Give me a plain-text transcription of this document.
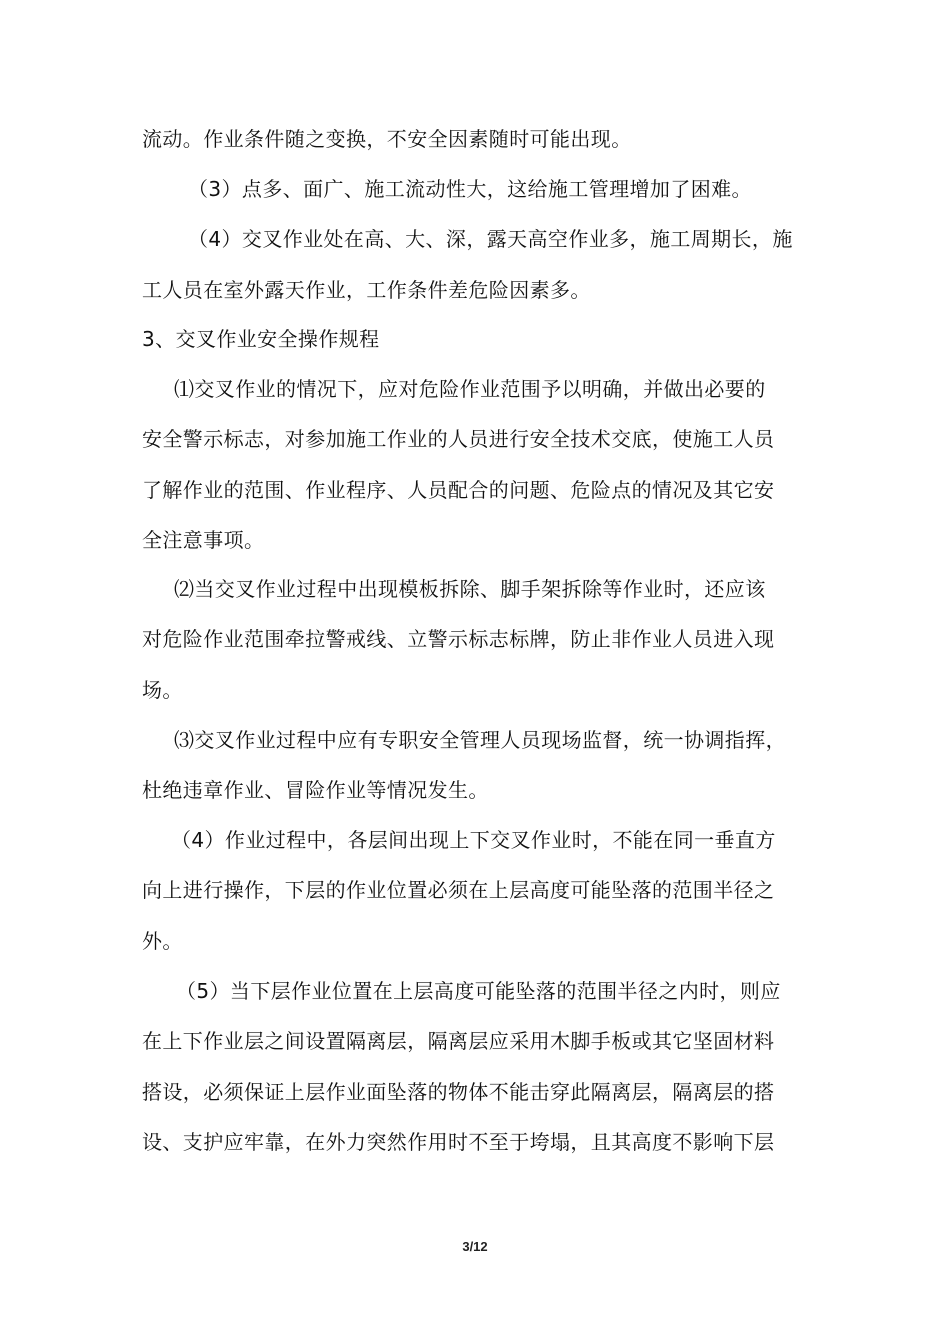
流动。作业条件随之变换，不安全因素随时可能出现。
（3）点多、面广、施工流动性大，这给施工管理增加了困难。
（4）交叉作业处在高、大、深，露天高空作业多，施工周期长，施
工人员在室外露天作业，工作条件差危险因素多。
3、交叉作业安全操作规程
⑴交叉作业的情况下，应对危险作业范围予以明确，并做出必要的
安全警示标志，对参加施工作业的人员进行安全技术交底，使施工人员
了解作业的范围、作业程序、人员配合的问题、危险点的情况及其它安
全注意事项。
⑵当交叉作业过程中出现模板拆除、脚手架拆除等作业时，还应该
对危险作业范围牵拉警戒线、立警示标志标牌，防止非作业人员进入现
场。
⑶交叉作业过程中应有专职安全管理人员现场监督，统一协调指挥，
杜绝违章作业、冒险作业等情况发生。
（4）作业过程中，各层间出现上下交叉作业时，不能在同一垂直方
向上进行操作，下层的作业位置必须在上层高度可能坠落的范围半径之
外。
（5）当下层作业位置在上层高度可能坠落的范围半径之内时，则应
在上下作业层之间设置隔离层，隔离层应采用木脚手板或其它坚固材料
搭设，必须保证上层作业面坠落的物体不能击穿此隔离层，隔离层的搭
设、支护应牢靠，在外力突然作用时不至于垮塌，且其高度不影响下层
3/12
